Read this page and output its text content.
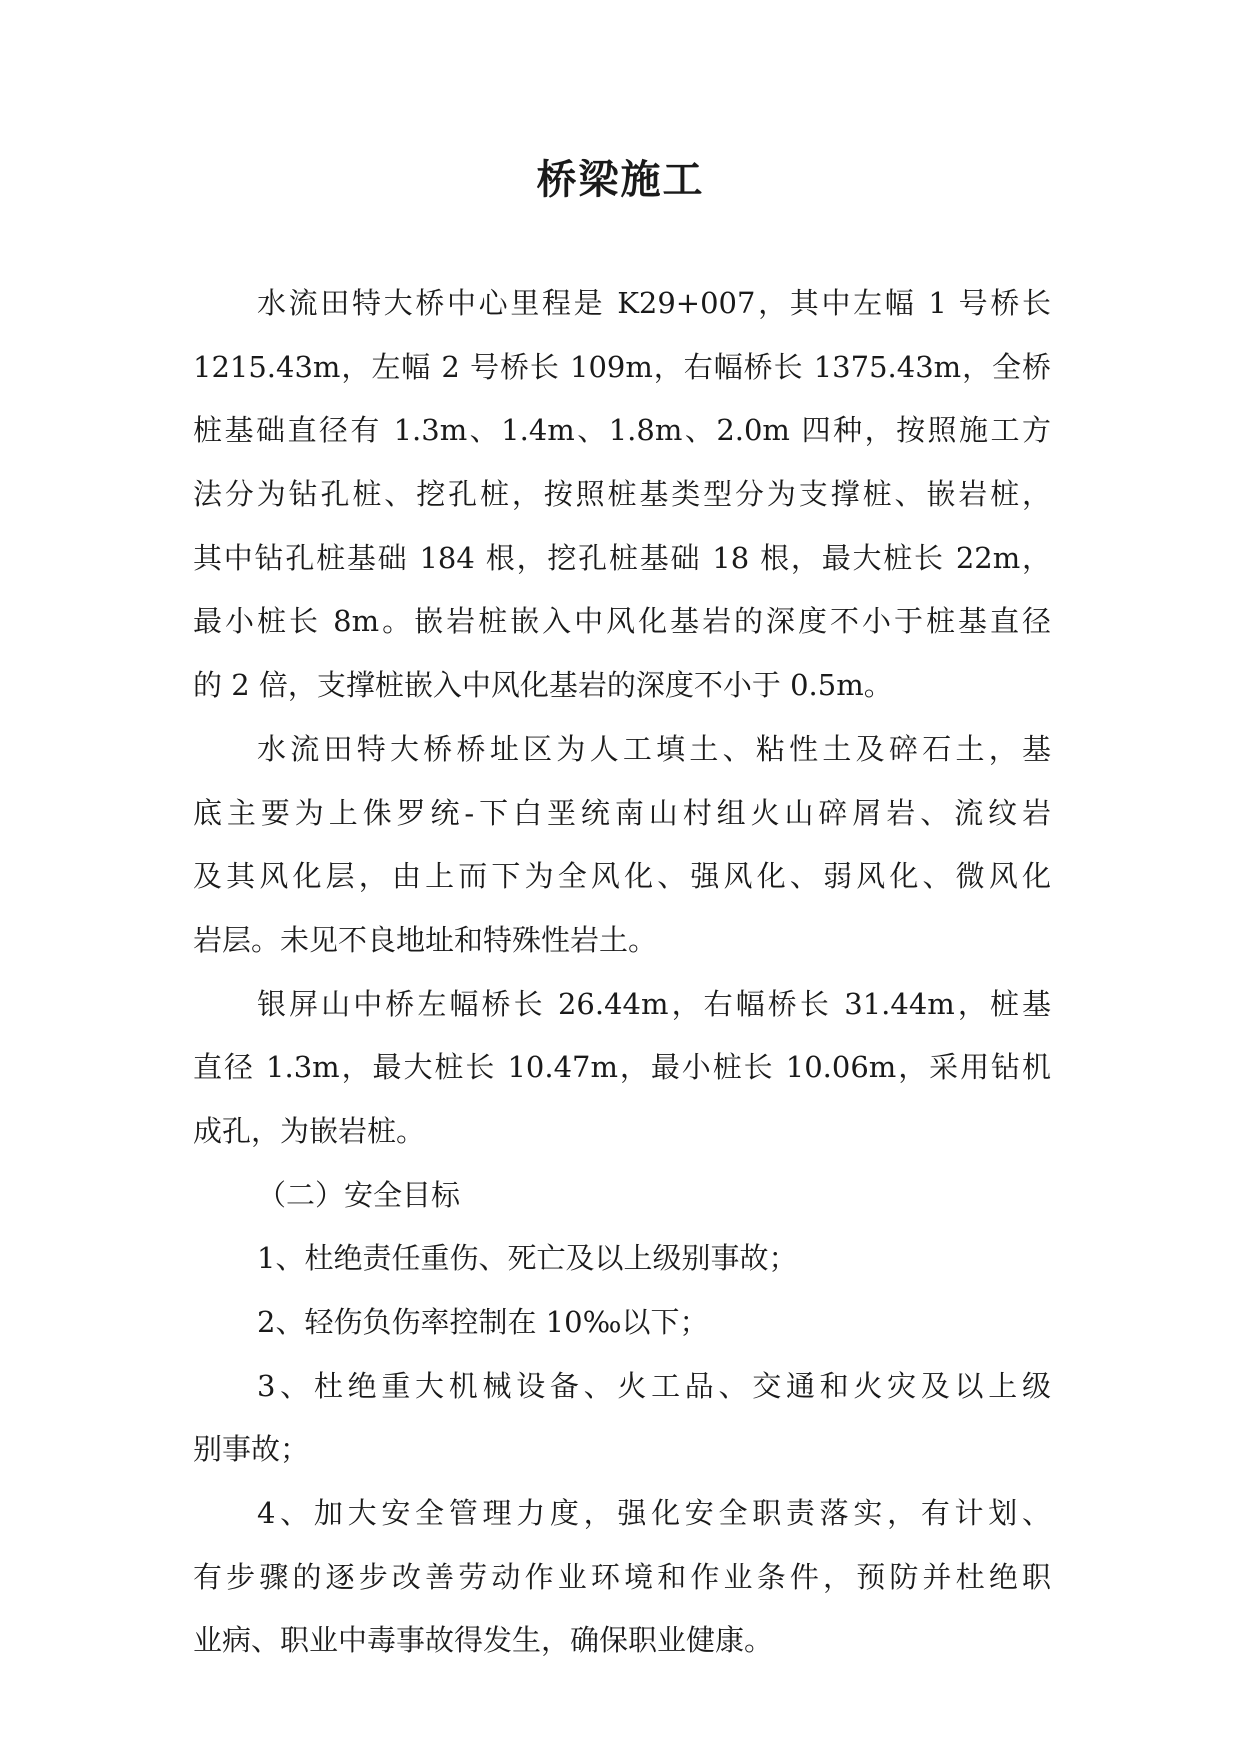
桥梁施工
水流田特大桥中心里程是 K29+007，其中左幅 1 号桥长
1215.43m，左幅 2 号桥长 109m，右幅桥长 1375.43m，全桥
桩基础直径有 1.3m、1.4m、1.8m、2.0m 四种，按照施工方
法分为钻孔桩、挖孔桩，按照桩基类型分为支撑桩、嵌岩桩，
其中钻孔桩基础 184 根，挖孔桩基础 18 根，最大桩长 22m，
最小桩长 8m。嵌岩桩嵌入中风化基岩的深度不小于桩基直径
的 2 倍，支撑桩嵌入中风化基岩的深度不小于 0.5m。
水流田特大桥桥址区为人工填土、粘性土及碎石土，基
底主要为上侏罗统-下白垩统南山村组火山碎屑岩、流纹岩
及其风化层，由上而下为全风化、强风化、弱风化、微风化
岩层。未见不良地址和特殊性岩土。
银屏山中桥左幅桥长 26.44m，右幅桥长 31.44m，桩基
直径 1.3m，最大桩长 10.47m，最小桩长 10.06m，采用钻机
成孔，为嵌岩桩。
（二）安全目标
1、杜绝责任重伤、死亡及以上级别事故；
2、轻伤负伤率控制在 10‰以下；
3、杜绝重大机械设备、火工品、交通和火灾及以上级
别事故；
4、加大安全管理力度，强化安全职责落实，有计划、
有步骤的逐步改善劳动作业环境和作业条件，预防并杜绝职
业病、职业中毒事故得发生，确保职业健康。
